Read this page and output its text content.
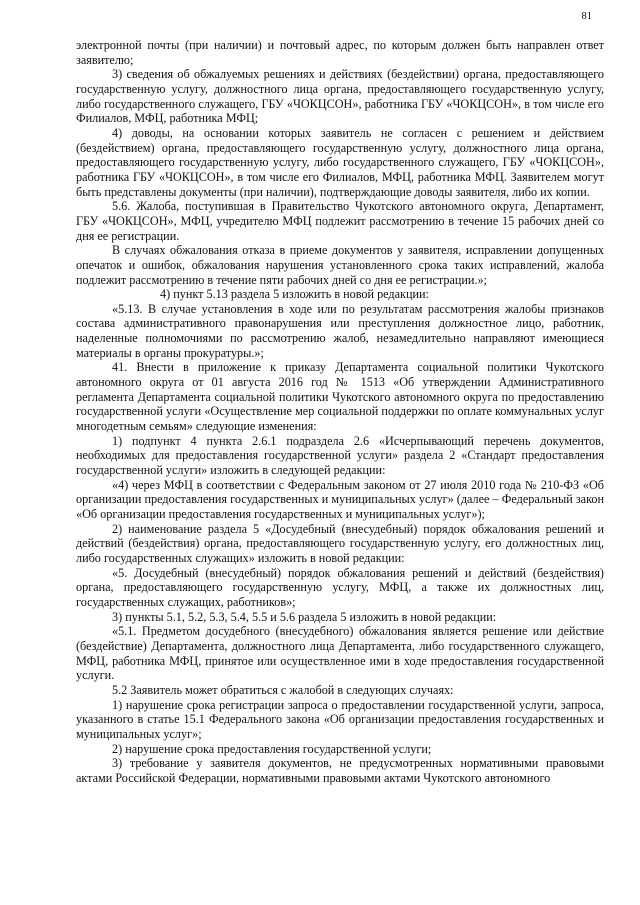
81

электронной почты (при наличии) и почтовый адрес, по которым должен быть направлен ответ заявителю;

3) сведения об обжалуемых решениях и действиях (бездействии) органа, предоставляющего государственную услугу, должностного лица органа, предоставляющего государственную услугу, либо государственного служащего, ГБУ «ЧОКЦСОН», работника ГБУ «ЧОКЦСОН», в том числе его Филиалов, МФЦ, работника МФЦ;

4) доводы, на основании которых заявитель не согласен с решением и действием (бездействием) органа, предоставляющего государственную услугу, должностного лица органа, предоставляющего государственную услугу, либо государственного служащего, ГБУ «ЧОКЦСОН», работника ГБУ «ЧОКЦСОН», в том числе его Филиалов, МФЦ, работника МФЦ. Заявителем могут быть представлены документы (при наличии), подтверждающие доводы заявителя, либо их копии.

5.6. Жалоба, поступившая в Правительство Чукотского автономного округа, Департамент, ГБУ «ЧОКЦСОН», МФЦ, учредителю МФЦ подлежит рассмотрению в течение 15 рабочих дней со дня ее регистрации.

В случаях обжалования отказа в приеме документов у заявителя, исправлении допущенных опечаток и ошибок, обжалования нарушения установленного срока таких исправлений, жалоба подлежит рассмотрению в течение пяти рабочих дней со дня ее регистрации.»;

4) пункт 5.13 раздела 5 изложить в новой редакции:

«5.13. В случае установления в ходе или по результатам рассмотрения жалобы признаков состава административного правонарушения или преступления должностное лицо, работник, наделенные полномочиями по рассмотрению жалоб, незамедлительно направляют имеющиеся материалы в органы прокуратуры.»;

41. Внести в приложение к приказу Департамента социальной политики Чукотского автономного округа от 01 августа 2016 год № 1513 «Об утверждении Административного регламента Департамента социальной политики Чукотского автономного округа по предоставлению государственной услуги «Осуществление мер социальной поддержки по оплате коммунальных услуг многодетным семьям» следующие изменения:

1) подпункт 4 пункта 2.6.1 подраздела 2.6 «Исчерпывающий перечень документов, необходимых для предоставления государственной услуги» раздела 2 «Стандарт предоставления государственной услуги» изложить в следующей редакции:

«4) через МФЦ в соответствии с Федеральным законом от 27 июля 2010 года № 210-ФЗ «Об организации предоставления государственных и муниципальных услуг» (далее – Федеральный закон «Об организации предоставления государственных и муниципальных услуг»);

2) наименование раздела 5 «Досудебный (внесудебный) порядок обжалования решений и действий (бездействия) органа, предоставляющего государственную услугу, его должностных лиц, либо государственных служащих» изложить в новой редакции:

«5. Досудебный (внесудебный) порядок обжалования решений и действий (бездействия) органа, предоставляющего государственную услугу, МФЦ, а также их должностных лиц, государственных служащих, работников»;

3) пункты 5.1, 5.2, 5.3, 5.4, 5.5 и 5.6 раздела 5 изложить в новой редакции:

«5.1. Предметом досудебного (внесудебного) обжалования является решение или действие (бездействие) Департамента, должностного лица Департамента, либо государственного служащего, МФЦ, работника МФЦ, принятое или осуществленное ими в ходе предоставления государственной услуги.

5.2 Заявитель может обратиться с жалобой в следующих случаях:

1) нарушение срока регистрации запроса о предоставлении государственной услуги, запроса, указанного в статье 15.1 Федерального закона «Об организации предоставления государственных и муниципальных услуг»;

2) нарушение срока предоставления государственной услуги;

3) требование у заявителя документов, не предусмотренных нормативными правовыми актами Российской Федерации, нормативными правовыми актами Чукотского автономного
